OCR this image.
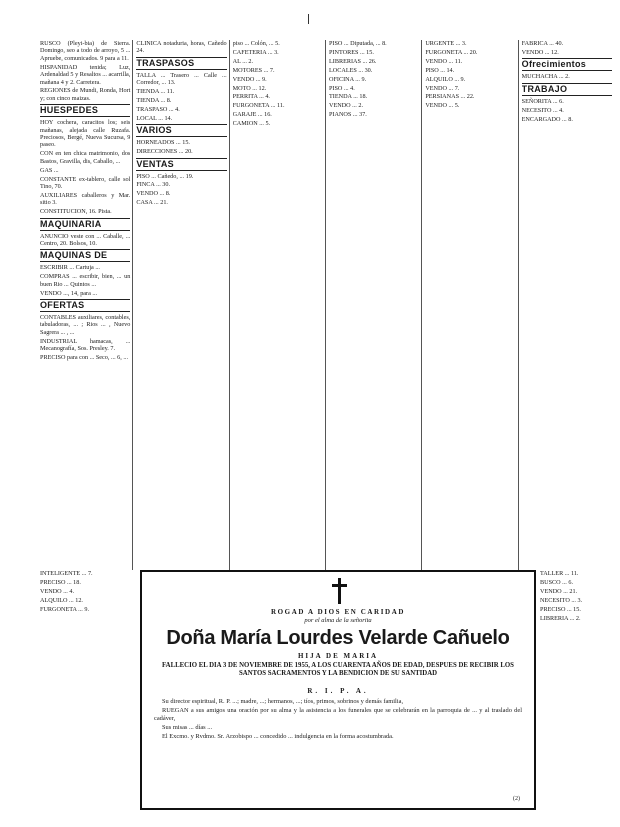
RUSCO (Pleyi-bia) de Sierra. Domingo, seo a todo de arroyo, 5 ... Apruebe, comunicados. 9 para a 11.

HISPANIDAD tenida; Luz, Ardenaldad 5 y Resaltos ... acarrilla, mañana 4 y 2. Carretera.

REGIONES de Mundi, Ronda, Hort y; con cinco maizas.

HUESPEDES

HOY cochera, caracitos los; seis mañanas, alejada calle Ruzafa. Preciosos, Bergé, Nueva Sucursa, 9 paseo.

CON en ten chica matrimonio, dos Bastos, Gravilla, dis, Caballo, ...

GAS ...

CONSTANTE ex-tablero, calle sol Tino, 70.

AUXILIARES caballeros y Mar. sitio 3.

CONSTITUCION, 16. Pista.

MAQUINARIA

ANUNCIO veste con ... Caballe, ... Centro, 20. Bolsos, 10.

MAQUINAS DE

ESCRIBIR ... Cartuja ...

COMPRAS ... escribir, bien, ... un buen Rio ... Quintos ...

VENDO ..., 14, para ...

OFERTAS

CONTABLES auxiliares, contables, tabuladoras, ... ; Rios ... , Nuevo Sagrera ... , ...

INDUSTRIAL hamacas, ... Mecanografía, Sos. Presley. 7.

PRECISO para con ... Seco, ... 6, ...

CLINICA notaduria, horas, Cañedo 24.

TRASPASOS

TALLA ... Trasero ... Calle ... Corredor, ... 13.

TIENDA ... 11.

TIENDA ... 8.

TRASPASO ... 4.

LOCAL ... 14.

VARIOS

HORNEADOS ... 15.

DIRECCIONES ... 20.

VENTAS

PISO ... Cañedo, ... 19.

FINCA ... 30.

VENDO ... 8.

CASA ... 21.

piso ... Colón, ... 5.

CAFETERIA ... 3.

AL ... 2.

MOTORES ... 7.

VENDO ... 9.

MOTO ... 12.

PERRITA ... 4.

FURGONETA ... 11.

GARAJE ... 16.

CAMION ... 5.

PISO ... Diputada, ... 8.

PINTORES ... 15.

LIBRERIAS ... 26.

LOCALES ... 30.

OFICINA ... 9.

PISO ... 4.

TIENDA ... 18.

VENDO ... 2.

PIANOS ... 37.

URGENTE ... 3.

FURGONETA ... 20.

VENDO ... 11.

PISO ... 14.

ALQUILO ... 9.

VENDO ... 7.

PERSIANAS ... 22.

VENDO ... 5.

FABRICA ... 40.

VENDO ... 12.

Ofrecimientos

MUCHACHA ... 2.

TRABAJO

SEÑORITA ... 6.

NECESITO ... 4.

ENCARGADO ... 8.

INTELIGENTE ... 7.

PRECISO ... 18.

VENDO ... 4.

ALQUILO ... 12.

FURGONETA ... 9.	ROGAD A DIOS EN CARIDAD
por el alma de la señorita
Doña María Lourdes Velarde Cañuelo
HIJA DE MARIA
FALLECIO EL DIA 3 DE NOVIEMBRE DE 1955, A LOS CUARENTA AÑOS DE EDAD, DESPUES DE RECIBIR LOS SANTOS SACRAMENTOS Y LA BENDICION DE SU SANTIDAD
R. I. P. A.

Su director espiritual, R. P. ...; madre, ...; hermanos, ...; tíos, primos, sobrinos y demás familia,

RUEGAN a sus amigos una oración por su alma y la asistencia a los funerales que se celebrarán en la parroquia de ... y al traslado del cadáver,

Sus misas ... días ...

El Excmo. y Rvdmo. Sr. Arzobispo ... concedido ... indulgencia en la forma acostumbrada.

(2)

TALLER ... 11.

BUSCO ... 6.

VENDO ... 21.

NECESITO ... 3.

PRECISO ... 15.

LIBRERIA ... 2.
